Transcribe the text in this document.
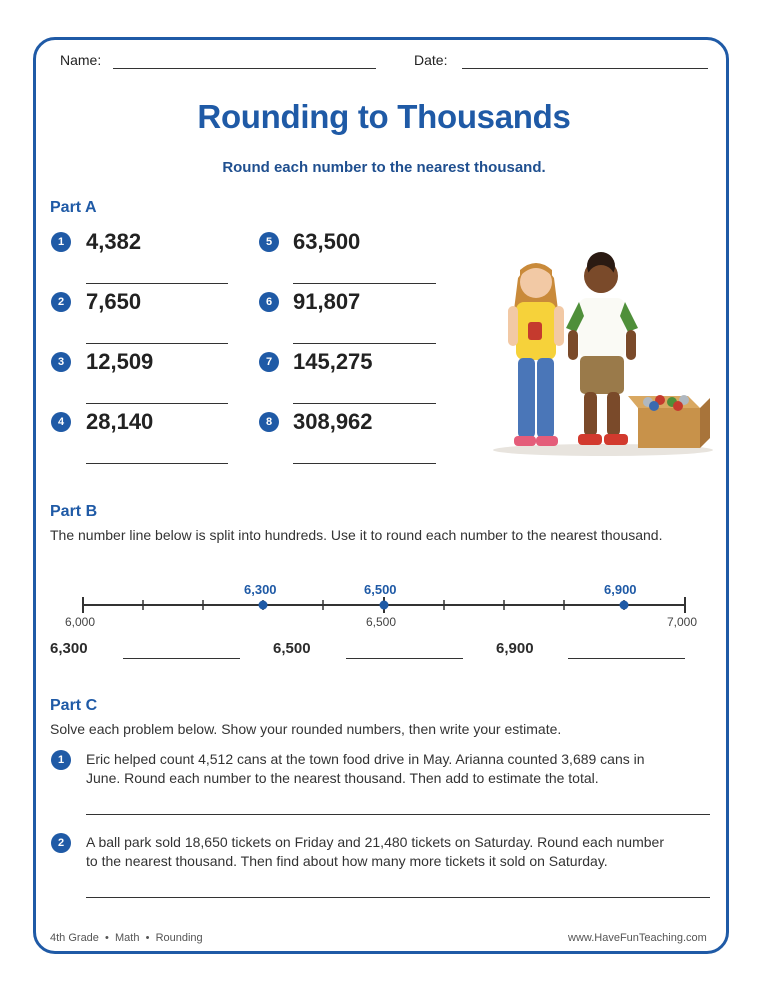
Name:	Date:
Rounding to Thousands
Round each number to the nearest thousand.
Part A
1 4,382
2 7,650
3 12,509
4 28,140
5 63,500
6 91,807
7 145,275
8 308,962
Part B
The number line below is split into hundreds. Use it to round each number to the nearest thousand.
6,300	6,500	6,900
6,000	6,500	7,000
6,300	6,500	6,900
Part C
Solve each problem below. Show your rounded numbers, then write your estimate.
1	Eric helped count 4,512 cans at the town food drive in May. Arianna counted 3,689 cans in
June. Round each number to the nearest thousand. Then add to estimate the total.
2	A ball park sold 18,650 tickets on Friday and 21,480 tickets on Saturday. Round each number
to the nearest thousand. Then find about how many more tickets it sold on Saturday.
4th Grade  •  Math  •  Rounding	www.HaveFunTeaching.com
